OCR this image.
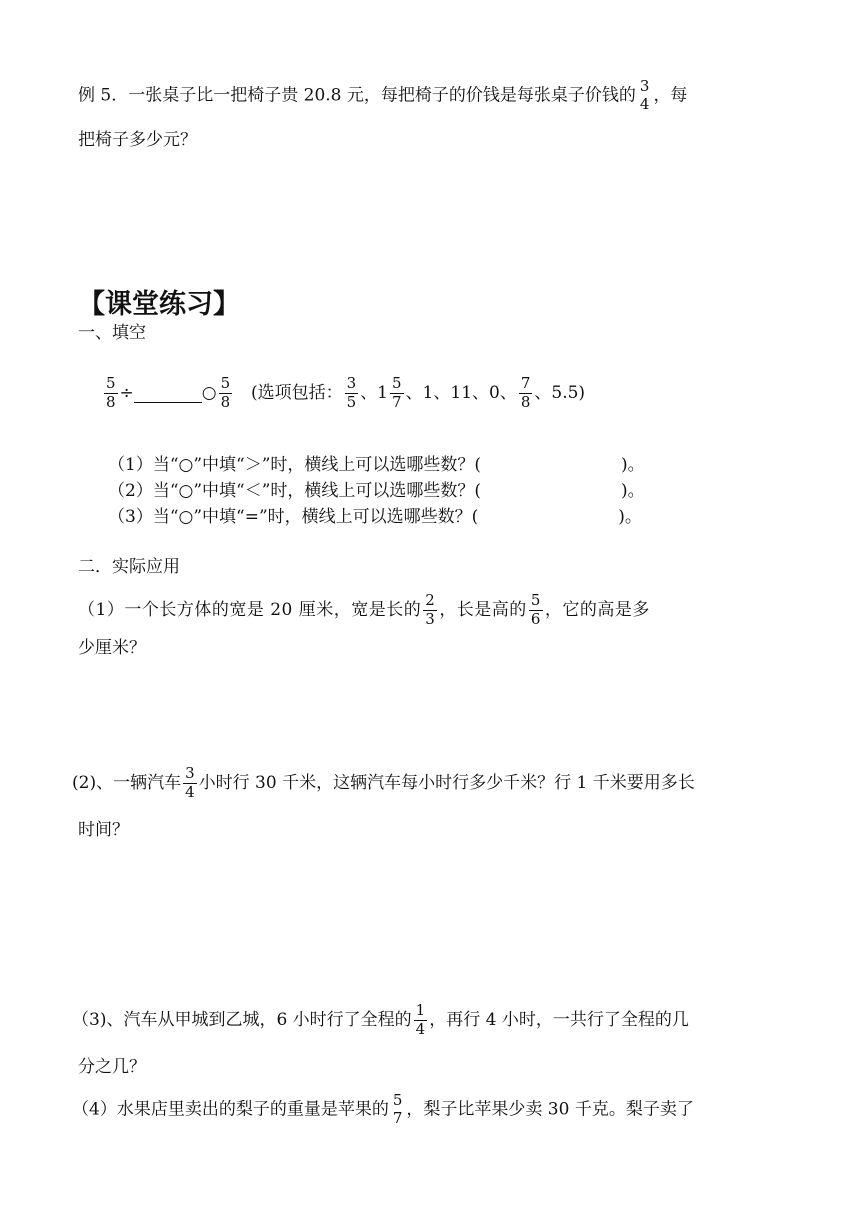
例 5．一张桌子比一把椅子贵 20.8 元，每把椅子的价钱是每张桌子价钱的 3
4 ，每
把椅子多少元？
【课堂练习】
一、填空
$\frac{5}{8}$ ÷	○ $\frac{5}{8}$ (选项包括： $\frac{3}{5}$ 、$1 \frac{5}{7}$ 、1、11、0、 $\frac{7}{8}$ 、5.5)
（1）当“○”中填“＞”时，横线上可以选哪些数？(	)。
（2）当“○”中填“＜”时，横线上可以选哪些数？(	)。
（3）当“○”中填“=”时，横线上可以选哪些数？(	)。
二．实际应用
（1）一个长方体的宽是 20 厘米，宽是长的 $\frac{2}{3}$ ，长是高的 $\frac{5}{6}$ ，它的高是多
少厘米？
(2)、一辆汽车 $\frac{3}{4}$ 小时行 30 千米，这辆汽车每小时行多少千米？行 1 千米要用多长
时间？
（3)、汽车从甲城到乙城，6 小时行了全程的 $\frac{1}{4}$ ，再行 4 小时，一共行了全程的几
分之几？
（4）水果店里卖出的梨子的重量是苹果的 5
7 ，梨子比苹果少卖 30 千克。梨子卖了
